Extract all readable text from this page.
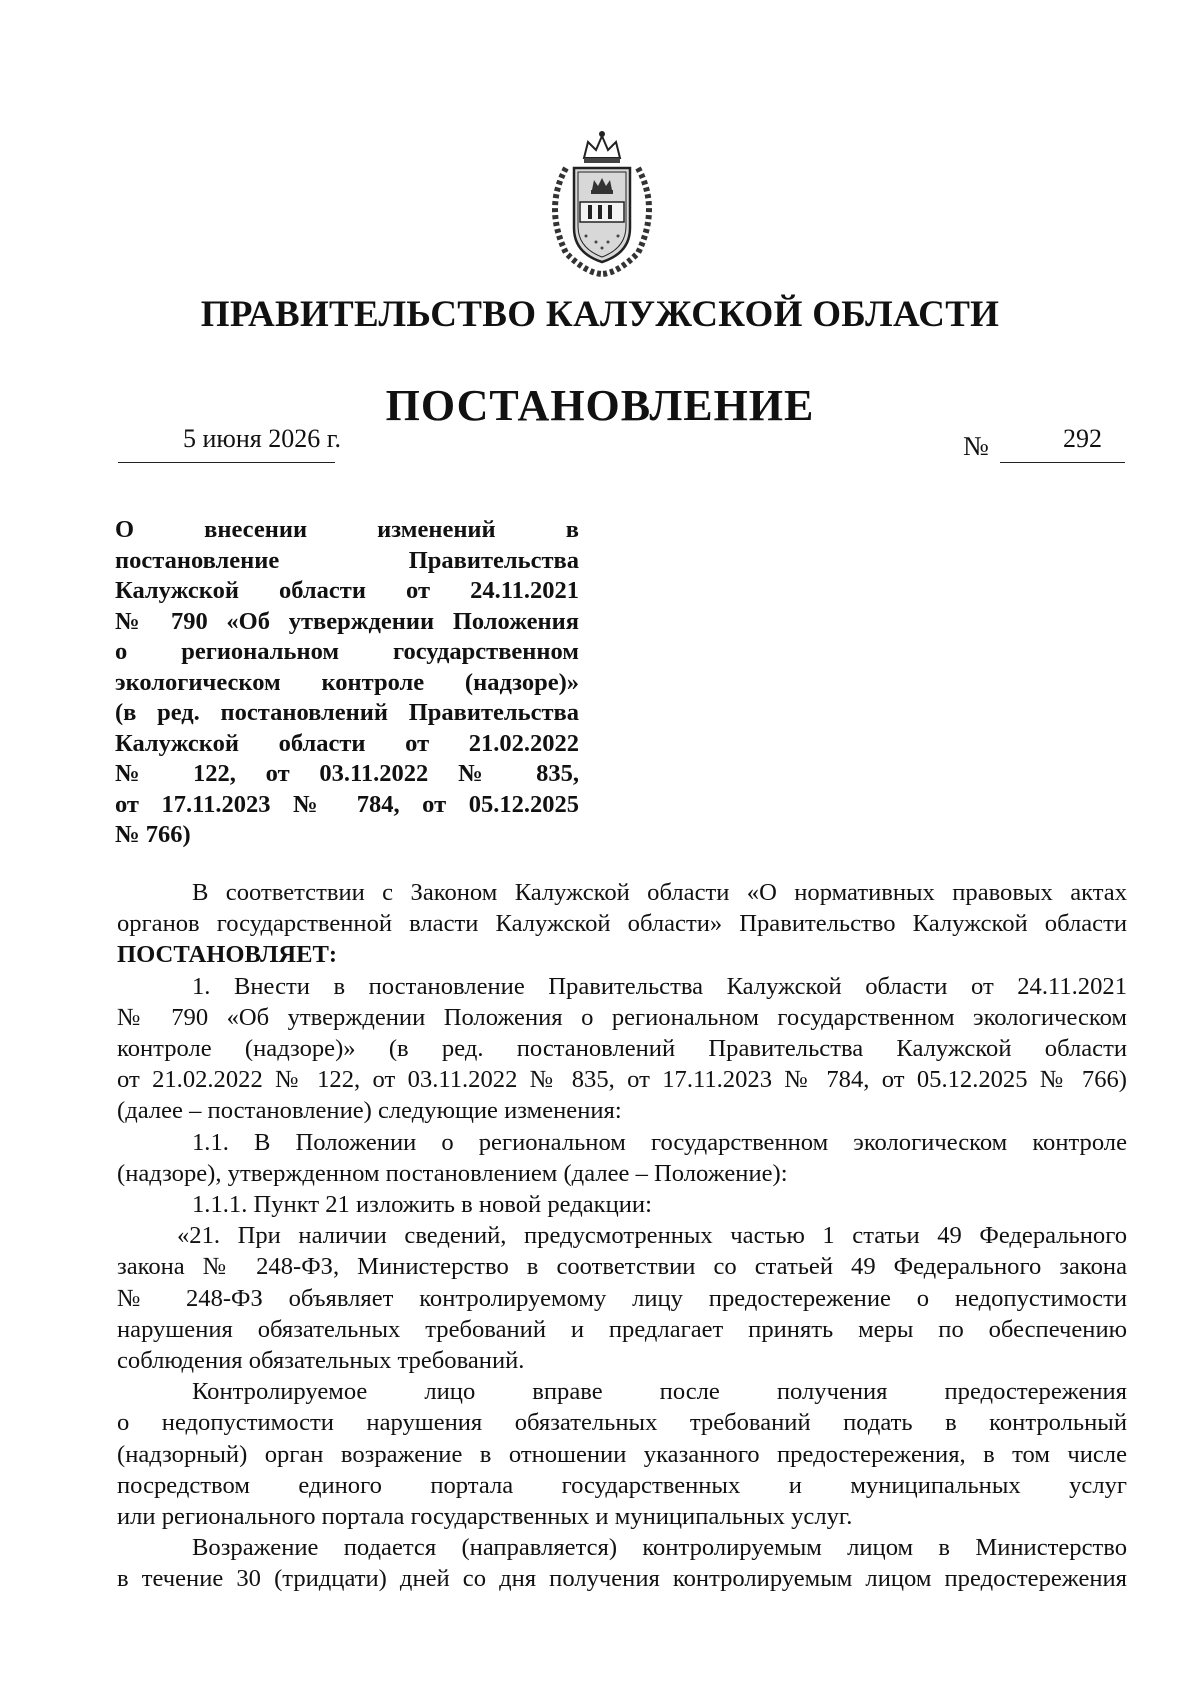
ПРАВИТЕЛЬСТВО КАЛУЖСКОЙ ОБЛАСТИ
ПОСТАНОВЛЕНИЕ
5 июня 2026 г.	№	292
О внесении изменений в
постановление Правительства
Калужской области от 24.11.2021
№ 790 «Об утверждении Положения
о региональном государственном
экологическом контроле (надзоре)»
(в ред. постановлений Правительства
Калужской области от 21.02.2022
№ 122, от 03.11.2022 № 835,
от 17.11.2023 № 784, от 05.12.2025
№ 766)
В соответствии с Законом Калужской области «О нормативных правовых актах
органов государственной власти Калужской области» Правительство Калужской области
ПОСТАНОВЛЯЕТ:
1. Внести в постановление Правительства Калужской области от 24.11.2021
№ 790 «Об утверждении Положения о региональном государственном экологическом
контроле (надзоре)» (в ред. постановлений Правительства Калужской области
от 21.02.2022 № 122, от 03.11.2022 № 835, от 17.11.2023 № 784, от 05.12.2025 № 766)
(далее – постановление) следующие изменения:
1.1. В Положении о региональном государственном экологическом контроле
(надзоре), утвержденном постановлением (далее – Положение):
1.1.1. Пункт 21 изложить в новой редакции:
«21. При наличии сведений, предусмотренных частью 1 статьи 49 Федерального
закона № 248-ФЗ, Министерство в соответствии со статьей 49 Федерального закона
№ 248-ФЗ объявляет контролируемому лицу предостережение о недопустимости
нарушения обязательных требований и предлагает принять меры по обеспечению
соблюдения обязательных требований.
Контролируемое лицо вправе после получения предостережения
о недопустимости нарушения обязательных требований подать в контрольный
(надзорный) орган возражение в отношении указанного предостережения, в том числе
посредством единого портала государственных и муниципальных услуг
или регионального портала государственных и муниципальных услуг.
Возражение подается (направляется) контролируемым лицом в Министерство
в течение 30 (тридцати) дней со дня получения контролируемым лицом предостережения
